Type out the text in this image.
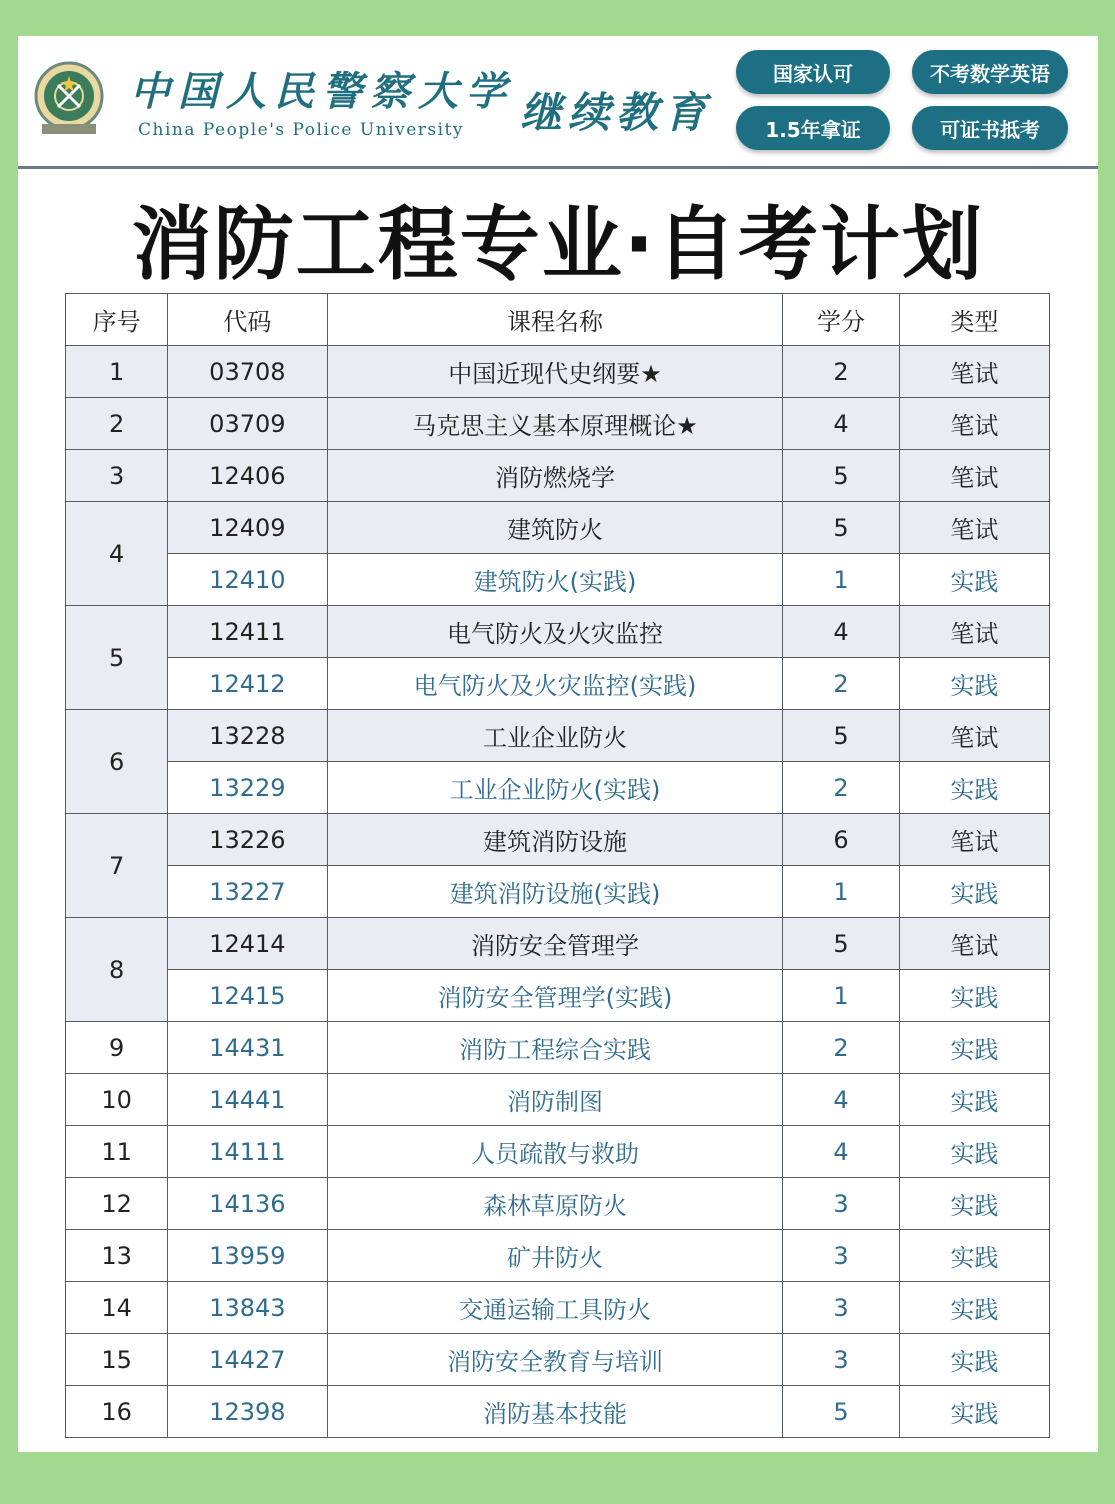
中国人民警察大学
China People's Police University	继续教育
国家认可	不考数学英语
1.5年拿证	可证书抵考
消防工程专业·自考计划
序号	代码	课程名称	学分	类型
1	03708	中国近现代史纲要★	2	笔试
2	03709	马克思主义基本原理概论★	4	笔试
3	12406	消防燃烧学	5	笔试
4	12409	建筑防火	5	笔试
	12410	建筑防火(实践)	1	实践
5	12411	电气防火及火灾监控	4	笔试
	12412	电气防火及火灾监控(实践)	2	实践
6	13228	工业企业防火	5	笔试
	13229	工业企业防火(实践)	2	实践
7	13226	建筑消防设施	6	笔试
	13227	建筑消防设施(实践)	1	实践
8	12414	消防安全管理学	5	笔试
	12415	消防安全管理学(实践)	1	实践
9	14431	消防工程综合实践	2	实践
10	14441	消防制图	4	实践
11	14111	人员疏散与救助	4	实践
12	14136	森林草原防火	3	实践
13	13959	矿井防火	3	实践
14	13843	交通运输工具防火	3	实践
15	14427	消防安全教育与培训	3	实践
16	12398	消防基本技能	5	实践
